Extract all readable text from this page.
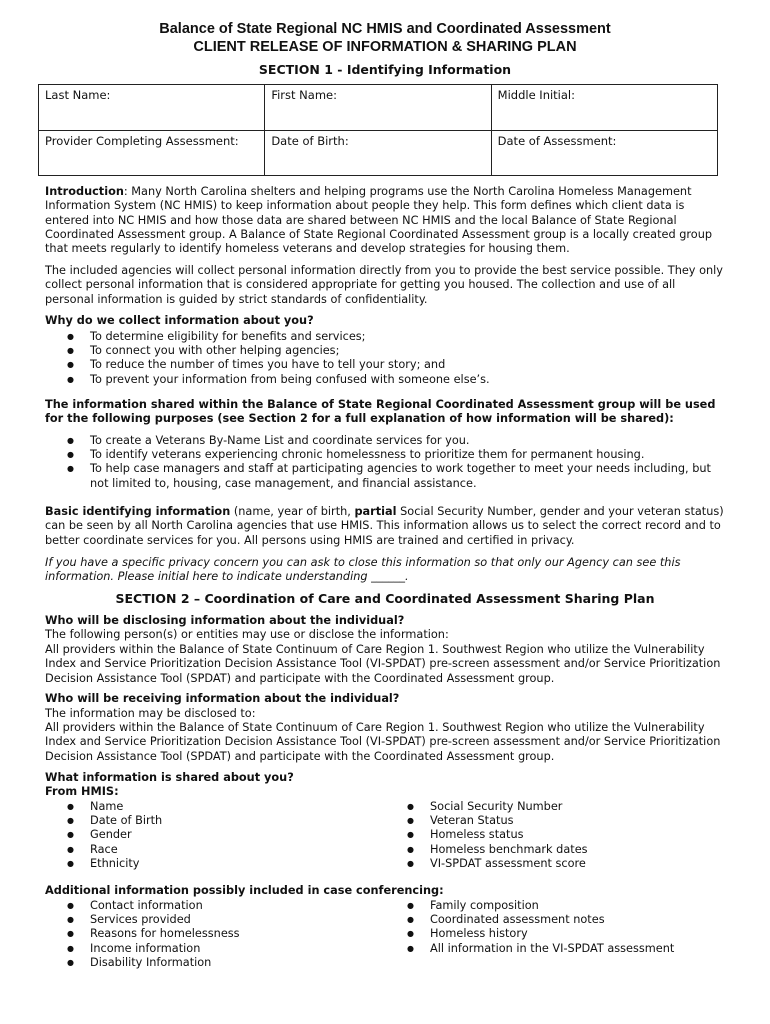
Balance of State Regional NC HMIS and Coordinated Assessment
CLIENT RELEASE OF INFORMATION & SHARING PLAN
SECTION 1 - Identifying Information
Last Name:	First Name:	Middle Initial:
Provider Completing Assessment:	Date of Birth:	Date of Assessment:
Introduction: Many North Carolina shelters and helping programs use the North Carolina Homeless Management Information System (NC HMIS) to keep information about people they help. This form defines which client data is entered into NC HMIS and how those data are shared between NC HMIS and the local Balance of State Regional Coordinated Assessment group. A Balance of State Regional Coordinated Assessment group is a locally created group that meets regularly to identify homeless veterans and develop strategies for housing them.
The included agencies will collect personal information directly from you to provide the best service possible. They only collect personal information that is considered appropriate for getting you housed. The collection and use of all personal information is guided by strict standards of confidentiality.
Why do we collect information about you?
● To determine eligibility for benefits and services;
● To connect you with other helping agencies;
● To reduce the number of times you have to tell your story; and
● To prevent your information from being confused with someone else’s.
The information shared within the Balance of State Regional Coordinated Assessment group will be used for the following purposes (see Section 2 for a full explanation of how information will be shared):
● To create a Veterans By-Name List and coordinate services for you.
● To identify veterans experiencing chronic homelessness to prioritize them for permanent housing.
● To help case managers and staff at participating agencies to work together to meet your needs including, but not limited to, housing, case management, and financial assistance.
Basic identifying information (name, year of birth, partial Social Security Number, gender and your veteran status) can be seen by all North Carolina agencies that use HMIS. This information allows us to select the correct record and to better coordinate services for you. All persons using HMIS are trained and certified in privacy.
If you have a specific privacy concern you can ask to close this information so that only our Agency can see this information. Please initial here to indicate understanding ______.
SECTION 2 – Coordination of Care and Coordinated Assessment Sharing Plan
Who will be disclosing information about the individual?
The following person(s) or entities may use or disclose the information:
All providers within the Balance of State Continuum of Care Region 1. Southwest Region who utilize the Vulnerability Index and Service Prioritization Decision Assistance Tool (VI-SPDAT) pre-screen assessment and/or Service Prioritization Decision Assistance Tool (SPDAT) and participate with the Coordinated Assessment group.
Who will be receiving information about the individual?
The information may be disclosed to:
All providers within the Balance of State Continuum of Care Region 1. Southwest Region who utilize the Vulnerability Index and Service Prioritization Decision Assistance Tool (VI-SPDAT) pre-screen assessment and/or Service Prioritization Decision Assistance Tool (SPDAT) and participate with the Coordinated Assessment group.
What information is shared about you?
From HMIS:
● Name
● Date of Birth
● Gender
● Race
● Ethnicity
● Social Security Number
● Veteran Status
● Homeless status
● Homeless benchmark dates
● VI-SPDAT assessment score
Additional information possibly included in case conferencing:
● Contact information
● Services provided
● Reasons for homelessness
● Income information
● Disability Information
● Family composition
● Coordinated assessment notes
● Homeless history
● All information in the VI-SPDAT assessment
